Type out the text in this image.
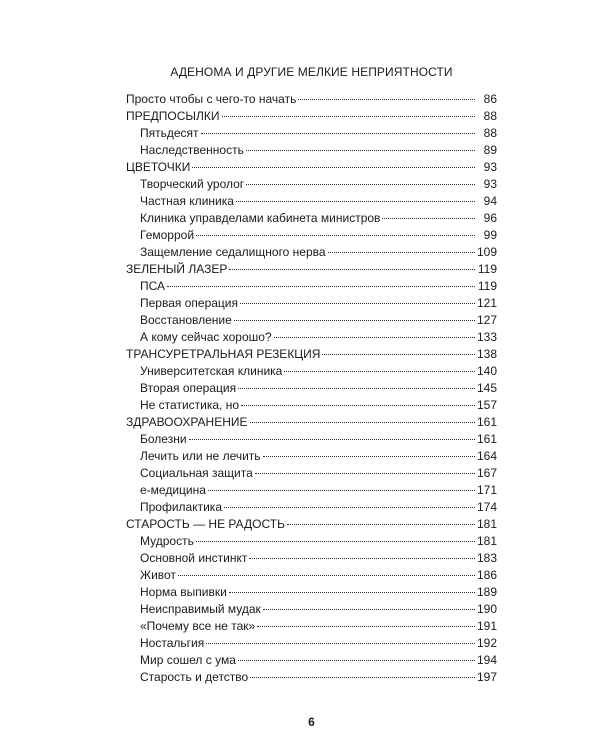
АДЕНОМА И ДРУГИЕ МЕЛКИЕ НЕПРИЯТНОСТИ
Просто чтобы с чего-то начать	86
ПРЕДПОСЫЛКИ	88
Пятьдесят	88
Наследственность	89
ЦВЕТОЧКИ	93
Творческий уролог	93
Частная клиника	94
Клиника управделами кабинета министров	96
Геморрой	99
Защемление седалищного нерва	109
ЗЕЛЕНЫЙ ЛАЗЕР	119
ПСА	119
Первая операция	121
Восстановление	127
А кому сейчас хорошо?	133
ТРАНСУРЕТРАЛЬНАЯ РЕЗЕКЦИЯ	138
Университетская клиника	140
Вторая операция	145
Не статистика, но	157
ЗДРАВООХРАНЕНИЕ	161
Болезни	161
Лечить или не лечить	164
Социальная защита	167
е-медицина	171
Профилактика	174
СТАРОСТЬ — НЕ РАДОСТЬ	181
Мудрость	181
Основной инстинкт	183
Живот	186
Норма выпивки	189
Неисправимый мудак	190
«Почему все не так»	191
Ностальгия	192
Мир сошел с ума	194
Старость и детство	197
6
